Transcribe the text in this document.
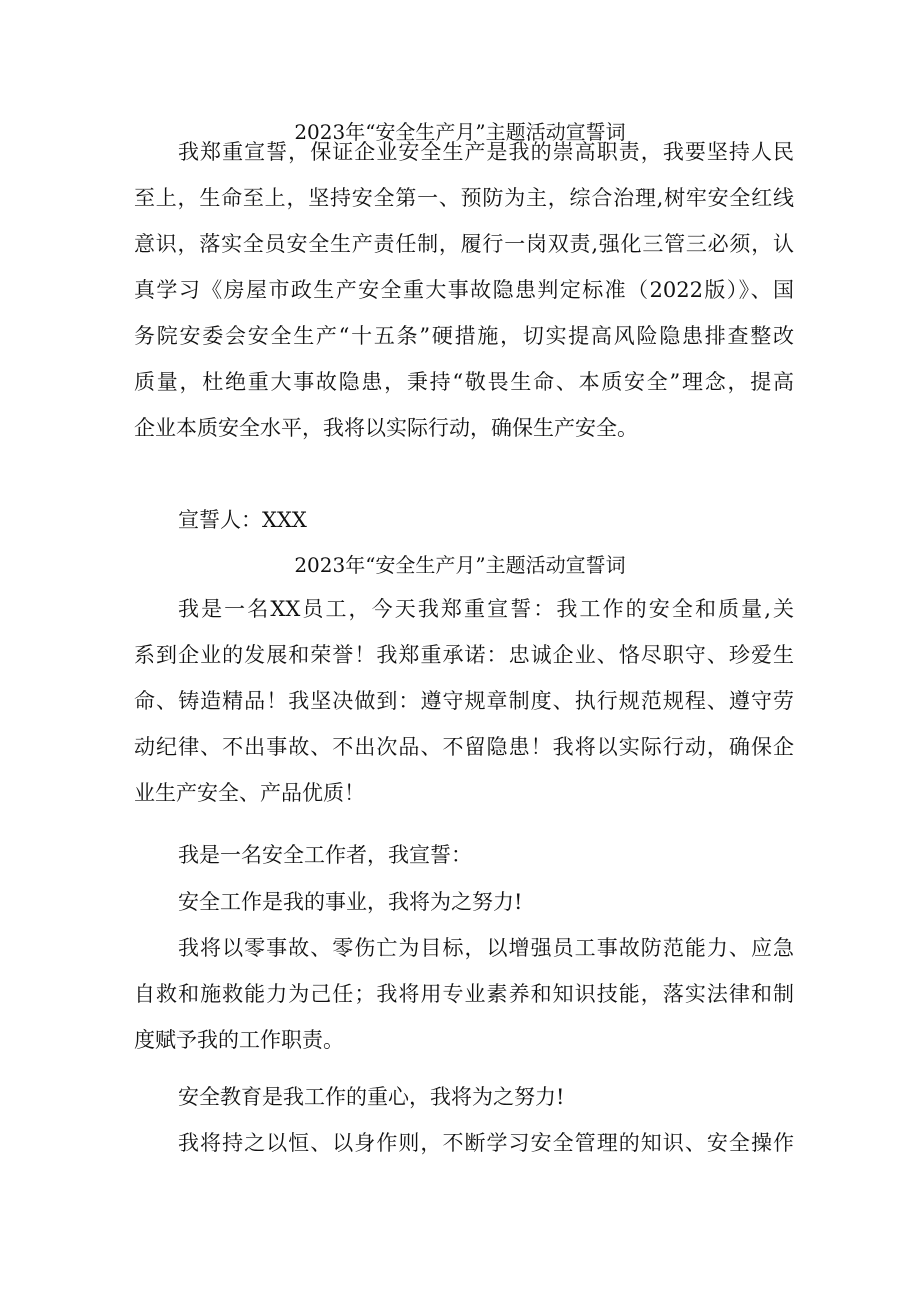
2023年“安全生产月”主题活动宣誓词

我郑重宣誓，保证企业安全生产是我的崇高职责，我要坚持人民
至上，生命至上，坚持安全第一、预防为主，综合治理,树牢安全红线
意识，落实全员安全生产责任制，履行一岗双责,强化三管三必须，认
真学习《房屋市政生产安全重大事故隐患判定标准（2022版）》、国
务院安委会安全生产“十五条”硬措施，切实提高风险隐患排查整改
质量，杜绝重大事故隐患，秉持“敬畏生命、本质安全”理念，提高
企业本质安全水平，我将以实际行动，确保生产安全。

宣誓人：XXX

2023年“安全生产月”主题活动宣誓词

我是一名XX员工，今天我郑重宣誓：我工作的安全和质量,关
系到企业的发展和荣誉！我郑重承诺：忠诚企业、恪尽职守、珍爱生
命、铸造精品！我坚决做到：遵守规章制度、执行规范规程、遵守劳
动纪律、不出事故、不出次品、不留隐患！我将以实际行动，确保企
业生产安全、产品优质！

我是一名安全工作者，我宣誓：

安全工作是我的事业，我将为之努力!

我将以零事故、零伤亡为目标，以增强员工事故防范能力、应急
自救和施救能力为己任；我将用专业素养和知识技能，落实法律和制
度赋予我的工作职责。

安全教育是我工作的重心，我将为之努力!

我将持之以恒、以身作则，不断学习安全管理的知识、安全操作
